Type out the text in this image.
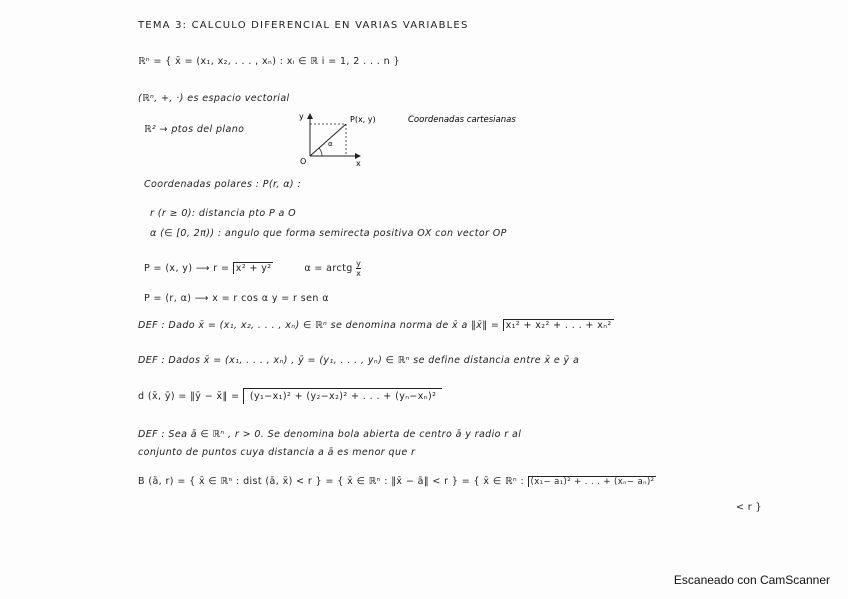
TEMA 3: CALCULO DIFERENCIAL EN VARIAS VARIABLES
ℝⁿ = { x̄ = (x₁, x₂, . . . , xₙ) : xᵢ ∈ ℝ i = 1, 2 . . . n }
(ℝⁿ, +, ·) es espacio vectorial
ℝ² → ptos del plano
y
x
O
P(x, y)
α
Coordenadas cartesianas
Coordenadas polares : P(r, α) :
r (r ≥ 0): distancia pto P a O
α (∈ [0, 2π)) : angulo que forma semirecta positiva OX con vector OP
P = (x, y) ⟶ r = x² + y²	α = arctg $\frac{y}{x}$
P = (r, α) ⟶ x = r cos α y = r sen α
DEF : Dado x̄ = (x₁, x₂, . . . , xₙ) ∈ ℝⁿ se denomina norma de x̄ a ‖x̄‖ = x₁² + x₂² + . . . + xₙ²
DEF : Dados x̄ = (x₁, . . . , xₙ) , ȳ = (y₁, . . . , yₙ) ∈ ℝⁿ se define distancia entre x̄ e ȳ a
d (x̄, ȳ) = ‖ȳ − x̄‖ = (y₁−x₁)² + (y₂−x₂)² + . . . + (yₙ−xₙ)²
DEF : Sea ā ∈ ℝⁿ , r > 0. Se denomina bola abierta de centro ā y radio r al
conjunto de puntos cuya distancia a ā es menor que r
B (ā, r) = { x̄ ∈ ℝⁿ : dist (ā, x̄) < r } = { x̄ ∈ ℝⁿ : ‖x̄ − ā‖ < r } = { x̄ ∈ ℝⁿ : (x₁− a₁)² + . . . + (xₙ− aₙ)²
< r }
Escaneado con CamScanner
